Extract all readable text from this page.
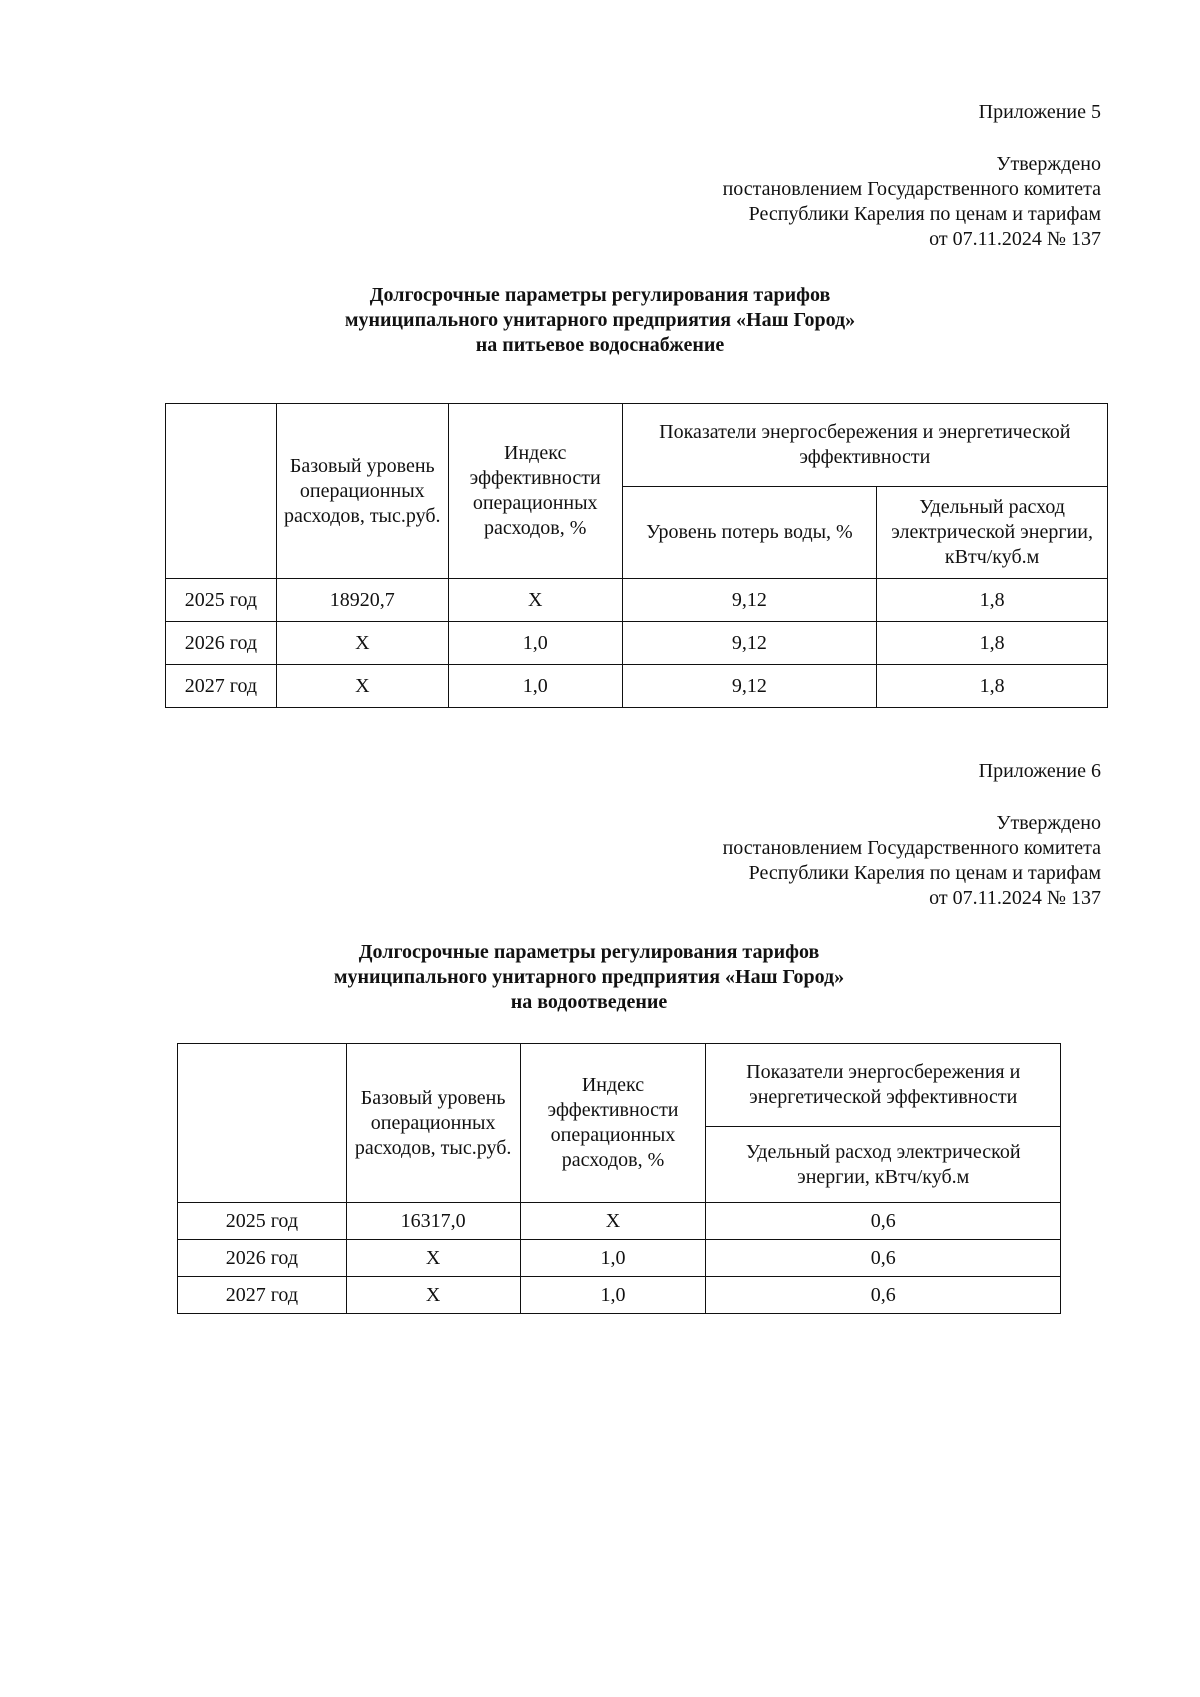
Приложение 5
Утверждено
постановлением Государственного комитета
Республики Карелия по ценам и тарифам
от 07.11.2024 № 137
Долгосрочные параметры регулирования тарифов
муниципального унитарного предприятия «Наш Город»
на питьевое водоснабжение
	Базовый уровень операционных расходов, тыс.руб.	Индекс эффективности операционных расходов, %	Показатели энергосбережения и энергетической эффективности	
			Уровень потерь воды, %	Удельный расход электрической энергии, кВтч/куб.м
2025 год	18920,7	Х	9,12	1,8
2026 год	Х	1,0	9,12	1,8
2027 год	Х	1,0	9,12	1,8
Приложение 6
Утверждено
постановлением Государственного комитета
Республики Карелия по ценам и тарифам
от 07.11.2024 № 137
Долгосрочные параметры регулирования тарифов
муниципального унитарного предприятия «Наш Город»
на водоотведение
	Базовый уровень операционных расходов, тыс.руб.	Индекс эффективности операционных расходов, %	Показатели энергосбережения и энергетической эффективности
			Удельный расход электрической энергии, кВтч/куб.м
2025 год	16317,0	Х	0,6
2026 год	Х	1,0	0,6
2027 год	Х	1,0	0,6
